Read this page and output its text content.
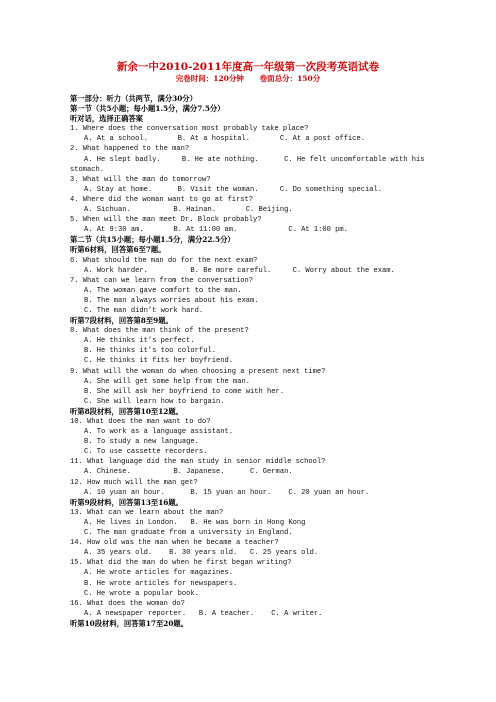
新余一中2010-2011年度高一年级第一次段考英语试卷
完卷时间：120分钟      卷面总分：150分
第一部分：听力（共两节，满分30分）
第一节（共5小题；每小题1.5分，满分7.5分）
听对话，选择正确答案
1. Where does the conversation most probably take place?
A. At a school.       B. At a hospital.       C. At a post office.
2. What happened to the man?
A. He slept badly.     B. He ate nothing.      C. He felt uncomfortable with his
stomach.
3. What will the man do tomorrow?
A. Stay at home.      B. Visit the woman.     C. Do something special.
4. Where did the woman want to go at first?
A. Sichuan.          B. Hainan.       C. Beijing.
5. When will the man meet Dr. Block probably?
A. At 9:30 am.       B. At 11:00 am.            C. At 1:00 pm.
第二节（共15小题；每小题1.5分，满分22.5分）
听第6材料，回答第6至7题。
6. What should the man do for the next exam?
A. Work harder.          B. Be more careful.     C. Worry about the exam.
7. What can we learn from the conversation?
A. The woman gave comfort to the man.
B. The man always worries about his exam.
C. The man didn’t work hard.
听第7段材料，回答第8至9题。
8. What does the man think of the present?
A. He thinks it’s perfect.
B. He thinks it’s too colorful.
C. He thinks it fits her boyfriend.
9. What will the woman do when choosing a present next time?
A. She will get some help from the man.
B. She will ask her boyfriend to come with her.
C. She will learn how to bargain.
听第8段材料，回答第10至12题。
10. What does the man want to do?
A. To work as a language assistant.
B. To study a new language.
C. To use cassette recorders.
11. What language did the man study in senior middle school?
A. Chinese.          B. Japanese.      C. German.
12. How much will the man get?
A. 10 yuan an hour.      B. 15 yuan an hour.    C. 20 yuan an hour.
听第9段材料，回答第13至16题。
13. What can we learn about the man?
A. He lives in London.   B. He was born in Hong Kong
C. The man graduate from a university in England.
14. How old was the man when he became a teacher?
A. 35 years old.    B. 30 years old.   C. 25 years old.
15. What did the man do when he first began writing?
A. He wrote articles for magazines.
B. He wrote articles for newspapers.
C. He wrote a popular book.
16. What does the woman do?
A. A newspaper reporter.   B. A teacher.    C. A writer.
听第10段材料，回答第17至20题。
